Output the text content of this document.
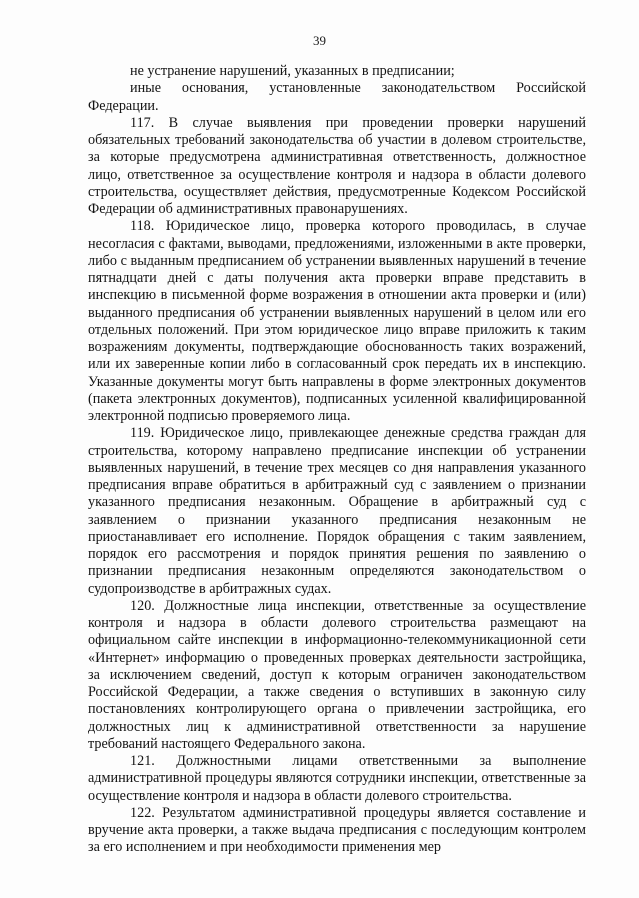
39

не устранение нарушений, указанных в предписании;

иные основания, установленные законодательством Российской Федерации.

117. В случае выявления при проведении проверки нарушений обязательных требований законодательства об участии в долевом строительстве, за которые предусмотрена административная ответственность, должностное лицо, ответственное за осуществление контроля и надзора в области долевого строительства, осуществляет действия, предусмотренные Кодексом Российской Федерации об административных правонарушениях.

118. Юридическое лицо, проверка которого проводилась, в случае несогласия с фактами, выводами, предложениями, изложенными в акте проверки, либо с выданным предписанием об устранении выявленных нарушений в течение пятнадцати дней с даты получения акта проверки вправе представить в инспекцию в письменной форме возражения в отношении акта проверки и (или) выданного предписания об устранении выявленных нарушений в целом или его отдельных положений. При этом юридическое лицо вправе приложить к таким возражениям документы, подтверждающие обоснованность таких возражений, или их заверенные копии либо в согласованный срок передать их в инспекцию. Указанные документы могут быть направлены в форме электронных документов (пакета электронных документов), подписанных усиленной квалифицированной электронной подписью проверяемого лица.

119. Юридическое лицо, привлекающее денежные средства граждан для строительства, которому направлено предписание инспекции об устранении выявленных нарушений, в течение трех месяцев со дня направления указанного предписания вправе обратиться в арбитражный суд с заявлением о признании указанного предписания незаконным. Обращение в арбитражный суд с заявлением о признании указанного предписания незаконным не приостанавливает его исполнение. Порядок обращения с таким заявлением, порядок его рассмотрения и порядок принятия решения по заявлению о признании предписания незаконным определяются законодательством о судопроизводстве в арбитражных судах.

120. Должностные лица инспекции, ответственные за осуществление контроля и надзора в области долевого строительства размещают на официальном сайте инспекции в информационно-телекоммуникационной сети «Интернет» информацию о проведенных проверках деятельности застройщика, за исключением сведений, доступ к которым ограничен законодательством Российской Федерации, а также сведения о вступивших в законную силу постановлениях контролирующего органа о привлечении застройщика, его должностных лиц к административной ответственности за нарушение требований настоящего Федерального закона.

121. Должностными лицами ответственными за выполнение административной процедуры являются сотрудники инспекции, ответственные за осуществление контроля и надзора в области долевого строительства.

122. Результатом административной процедуры является составление и вручение акта проверки, а также выдача предписания с последующим контролем за его исполнением и при необходимости применения мер
